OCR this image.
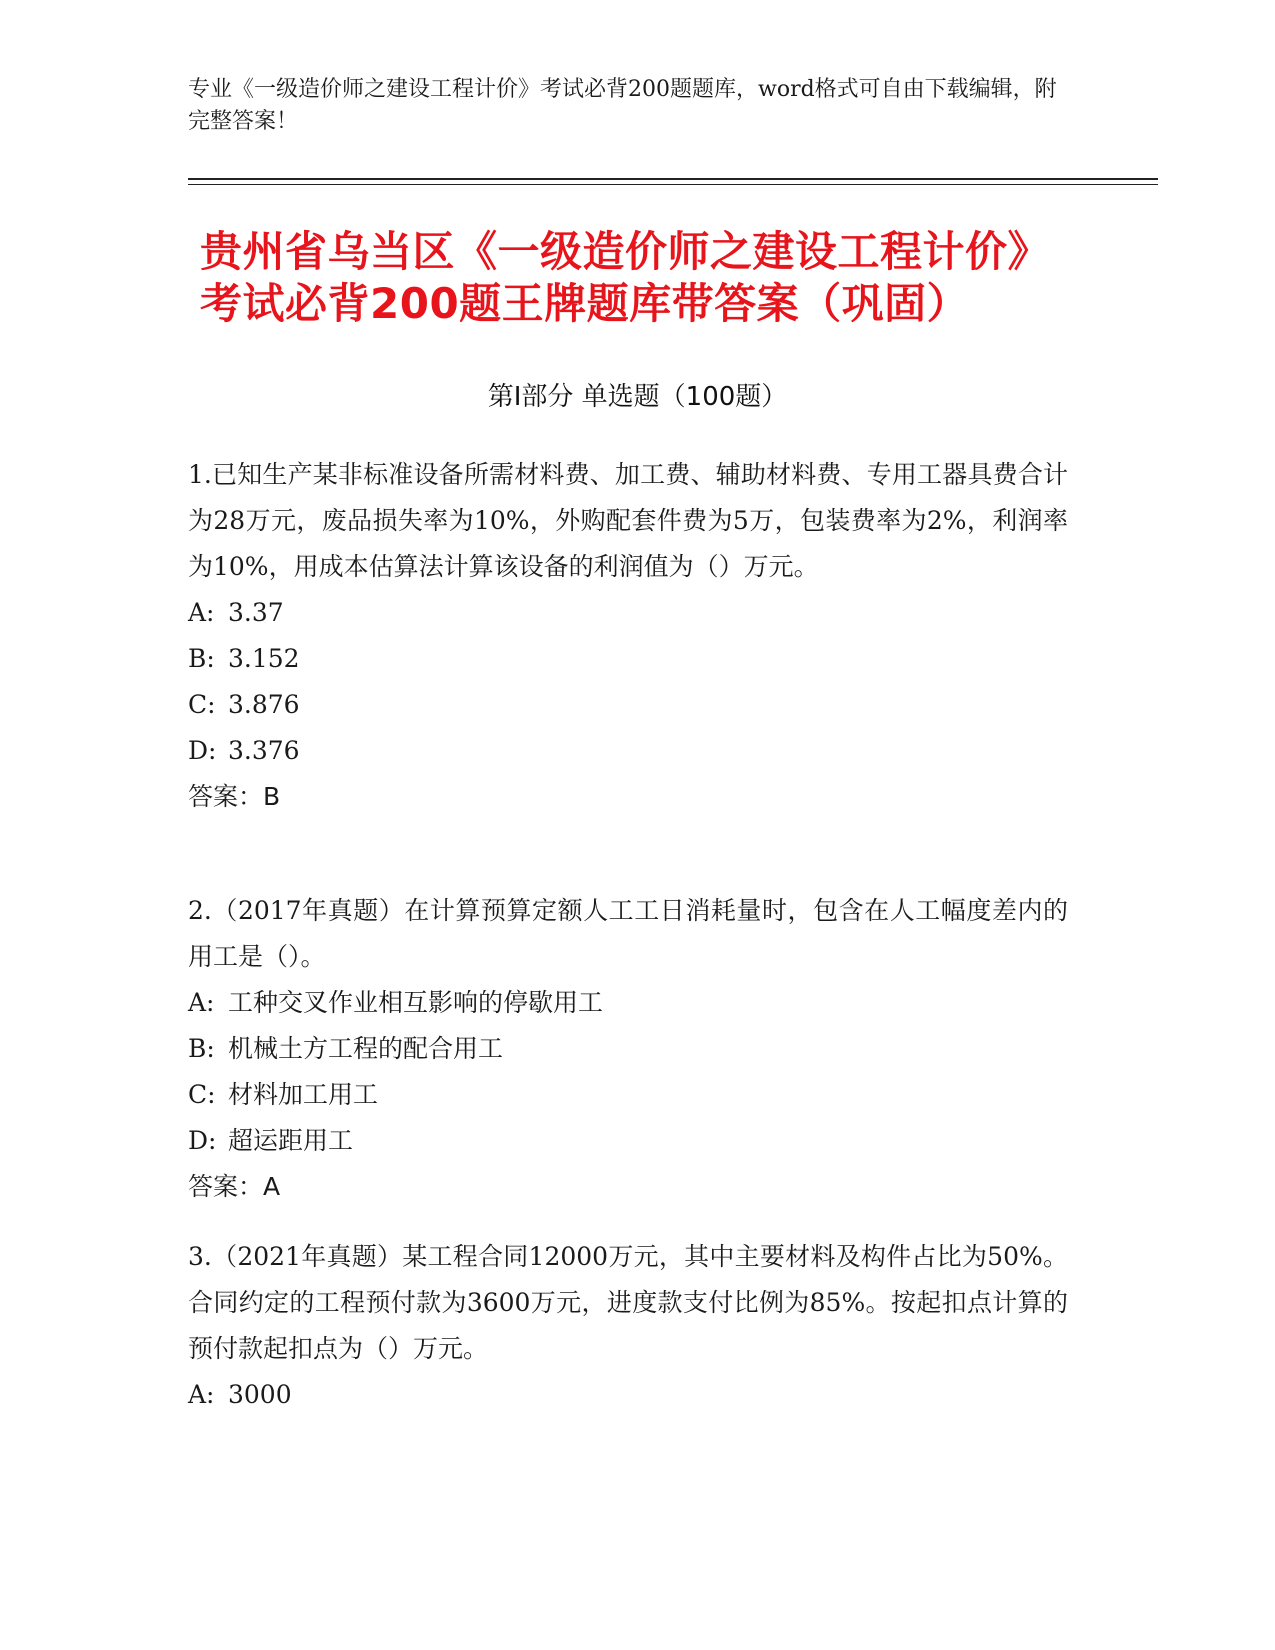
专业《一级造价师之建设工程计价》考试必背200题题库，word格式可自由下载编辑，附完整答案！
贵州省乌当区《一级造价师之建设工程计价》考试必背200题王牌题库带答案（巩固）
第Ⅰ部分 单选题（100题）
1.已知生产某非标准设备所需材料费、加工费、辅助材料费、专用工器具费合计为28万元，废品损失率为10%，外购配套件费为5万，包装费率为2%，利润率为10%，用成本估算法计算该设备的利润值为（）万元。
A: 3.37
B: 3.152
C: 3.876
D: 3.376
答案：B
2.（2017年真题）在计算预算定额人工工日消耗量时，包含在人工幅度差内的用工是（）。
A: 工种交叉作业相互影响的停歇用工
B: 机械土方工程的配合用工
C: 材料加工用工
D: 超运距用工
答案：A
3.（2021年真题）某工程合同12000万元，其中主要材料及构件占比为50%。合同约定的工程预付款为3600万元，进度款支付比例为85%。按起扣点计算的预付款起扣点为（）万元。
A: 3000
